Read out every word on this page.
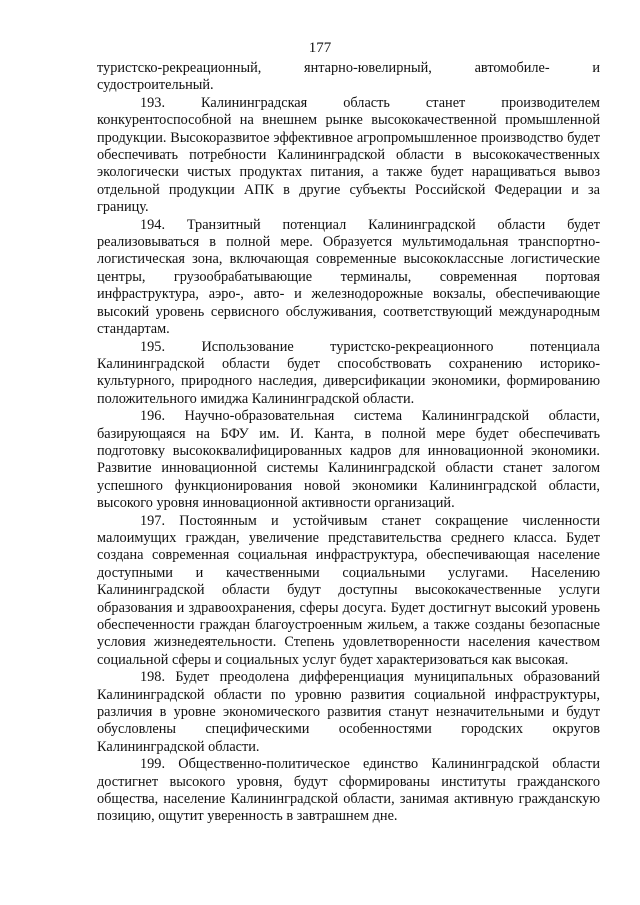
177

туристско-рекреационный, янтарно-ювелирный, автомобиле- и судостроительный.

193. Калининградская область станет производителем конкурентоспособной на внешнем рынке высококачественной промышленной продукции. Высокоразвитое эффективное агропромышленное производство будет обеспечивать потребности Калининградской области в высококачественных экологически чистых продуктах питания, а также будет наращиваться вывоз отдельной продукции АПК в другие субъекты Российской Федерации и за границу.

194. Транзитный потенциал Калининградской области будет реализовываться в полной мере. Образуется мультимодальная транспортно-логистическая зона, включающая современные высококлассные логистические центры, грузообрабатывающие терминалы, современная портовая инфраструктура, аэро-, авто- и железнодорожные вокзалы, обеспечивающие высокий уровень сервисного обслуживания, соответствующий международным стандартам.

195. Использование туристско-рекреационного потенциала Калининградской области будет способствовать сохранению историко-культурного, природного наследия, диверсификации экономики, формированию положительного имиджа Калининградской области.

196. Научно-образовательная система Калининградской области, базирующаяся на БФУ им. И. Канта, в полной мере будет обеспечивать подготовку высококвалифицированных кадров для инновационной экономики. Развитие инновационной системы Калининградской области станет залогом успешного функционирования новой экономики Калининградской области, высокого уровня инновационной активности организаций.

197. Постоянным и устойчивым станет сокращение численности малоимущих граждан, увеличение представительства среднего класса. Будет создана современная социальная инфраструктура, обеспечивающая население доступными и качественными социальными услугами. Населению Калининградской области будут доступны высококачественные услуги образования и здравоохранения, сферы досуга. Будет достигнут высокий уровень обеспеченности граждан благоустроенным жильем, а также созданы безопасные условия жизнедеятельности. Степень удовлетворенности населения качеством социальной сферы и социальных услуг будет характеризоваться как высокая.

198. Будет преодолена дифференциация муниципальных образований Калининградской области по уровню развития социальной инфраструктуры, различия в уровне экономического развития станут незначительными и будут обусловлены специфическими особенностями городских округов Калининградской области.

199. Общественно-политическое единство Калининградской области достигнет высокого уровня, будут сформированы институты гражданского общества, население Калининградской области, занимая активную гражданскую позицию, ощутит уверенность в завтрашнем дне.
